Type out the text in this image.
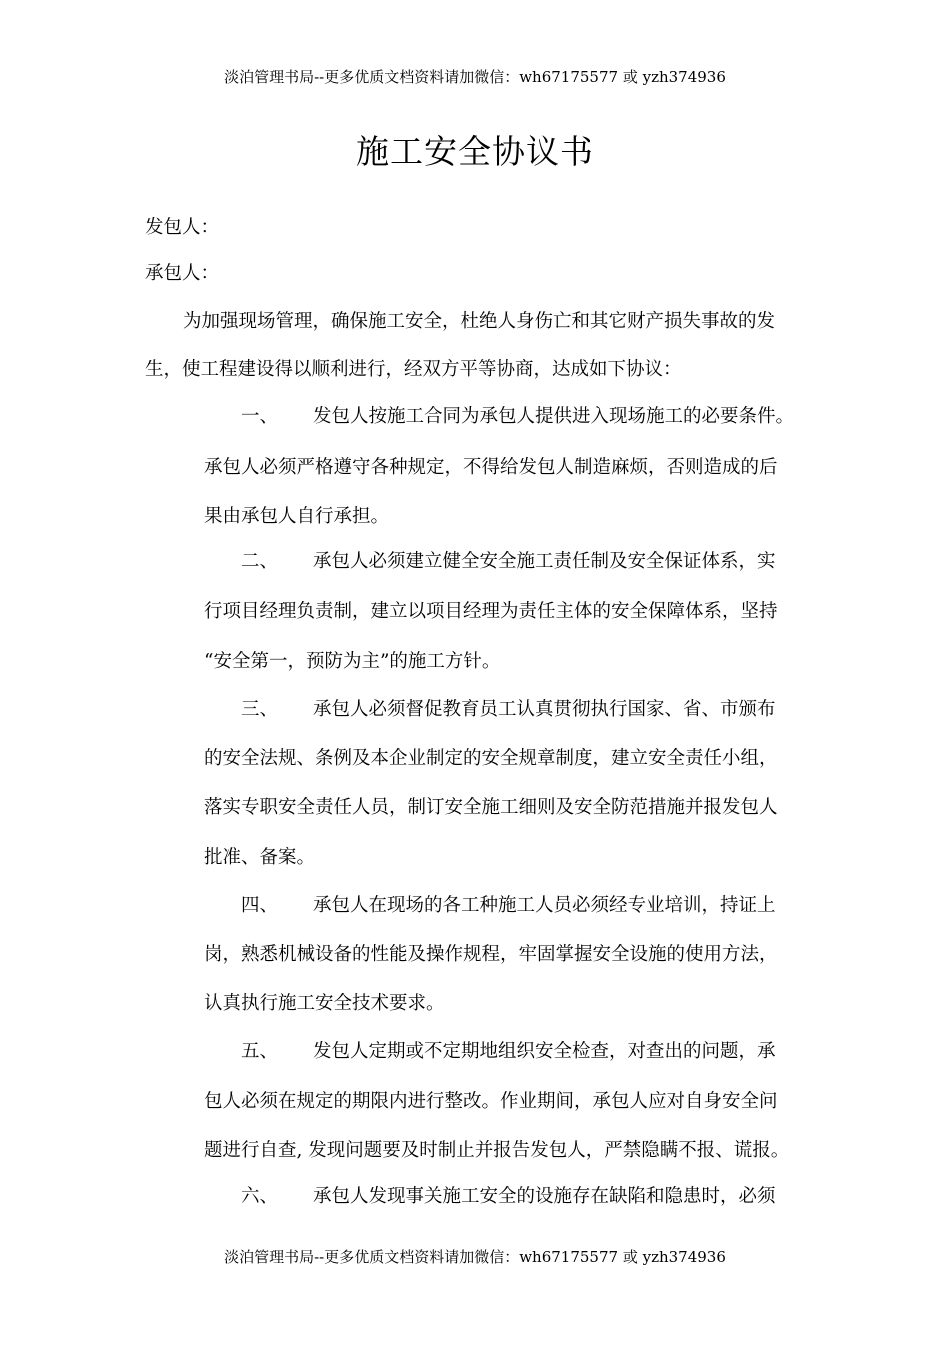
淡泊管理书局--更多优质文档资料请加微信：wh67175577 或 yzh374936
施工安全协议书
发包人：
承包人：
为加强现场管理，确保施工安全，杜绝人身伤亡和其它财产损失事故的发
生，使工程建设得以顺利进行，经双方平等协商，达成如下协议：
一、 发包人按施工合同为承包人提供进入现场施工的必要条件。
承包人必须严格遵守各种规定，不得给发包人制造麻烦，否则造成的后
果由承包人自行承担。
二、 承包人必须建立健全安全施工责任制及安全保证体系，实
行项目经理负责制，建立以项目经理为责任主体的安全保障体系，坚持
“安全第一，预防为主”的施工方针。
三、 承包人必须督促教育员工认真贯彻执行国家、省、市颁布
的安全法规、条例及本企业制定的安全规章制度，建立安全责任小组，
落实专职安全责任人员，制订安全施工细则及安全防范措施并报发包人
批准、备案。
四、 承包人在现场的各工种施工人员必须经专业培训，持证上
岗，熟悉机械设备的性能及操作规程，牢固掌握安全设施的使用方法，
认真执行施工安全技术要求。
五、 发包人定期或不定期地组织安全检查，对查出的问题，承
包人必须在规定的期限内进行整改。作业期间，承包人应对自身安全问
题进行自查, 发现问题要及时制止并报告发包人，严禁隐瞒不报、谎报。
六、 承包人发现事关施工安全的设施存在缺陷和隐患时，必须
淡泊管理书局--更多优质文档资料请加微信：wh67175577 或 yzh374936
